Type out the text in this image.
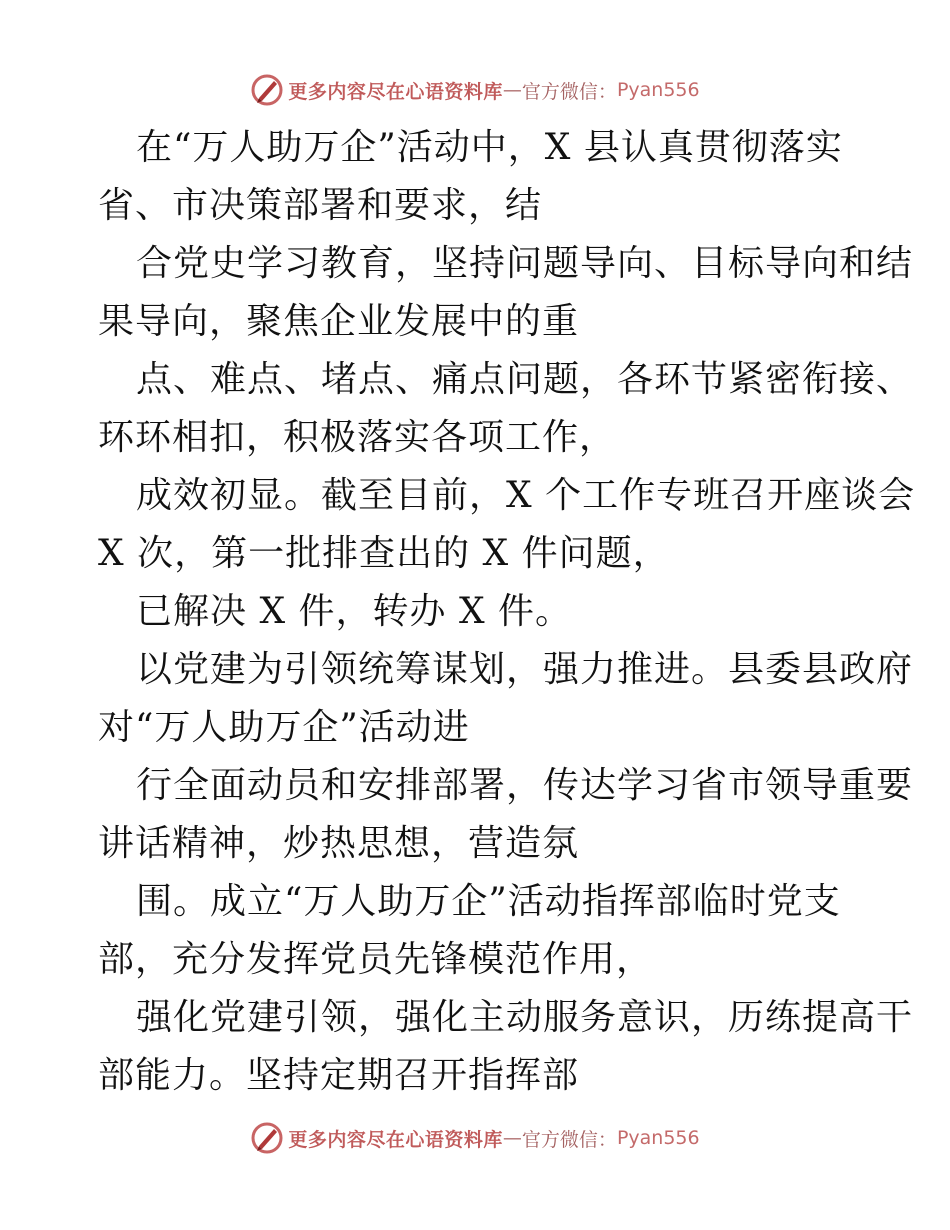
更多内容尽在心语资料库 — 官方微信： Pyan556
在“万人助万企”活动中，X 县认真贯彻落实
省、市决策部署和要求，结
合党史学习教育，坚持问题导向、目标导向和结
果导向，聚焦企业发展中的重
点、难点、堵点、痛点问题，各环节紧密衔接、
环环相扣，积极落实各项工作，
成效初显。截至目前，X 个工作专班召开座谈会
X 次，第一批排查出的 X 件问题，
已解决 X 件，转办 X 件。
以党建为引领统筹谋划，强力推进。县委县政府
对“万人助万企”活动进
行全面动员和安排部署，传达学习省市领导重要
讲话精神，炒热思想，营造氛
围。成立“万人助万企”活动指挥部临时党支
部，充分发挥党员先锋模范作用，
强化党建引领，强化主动服务意识，历练提高干
部能力。坚持定期召开指挥部
更多内容尽在心语资料库 — 官方微信： Pyan556
